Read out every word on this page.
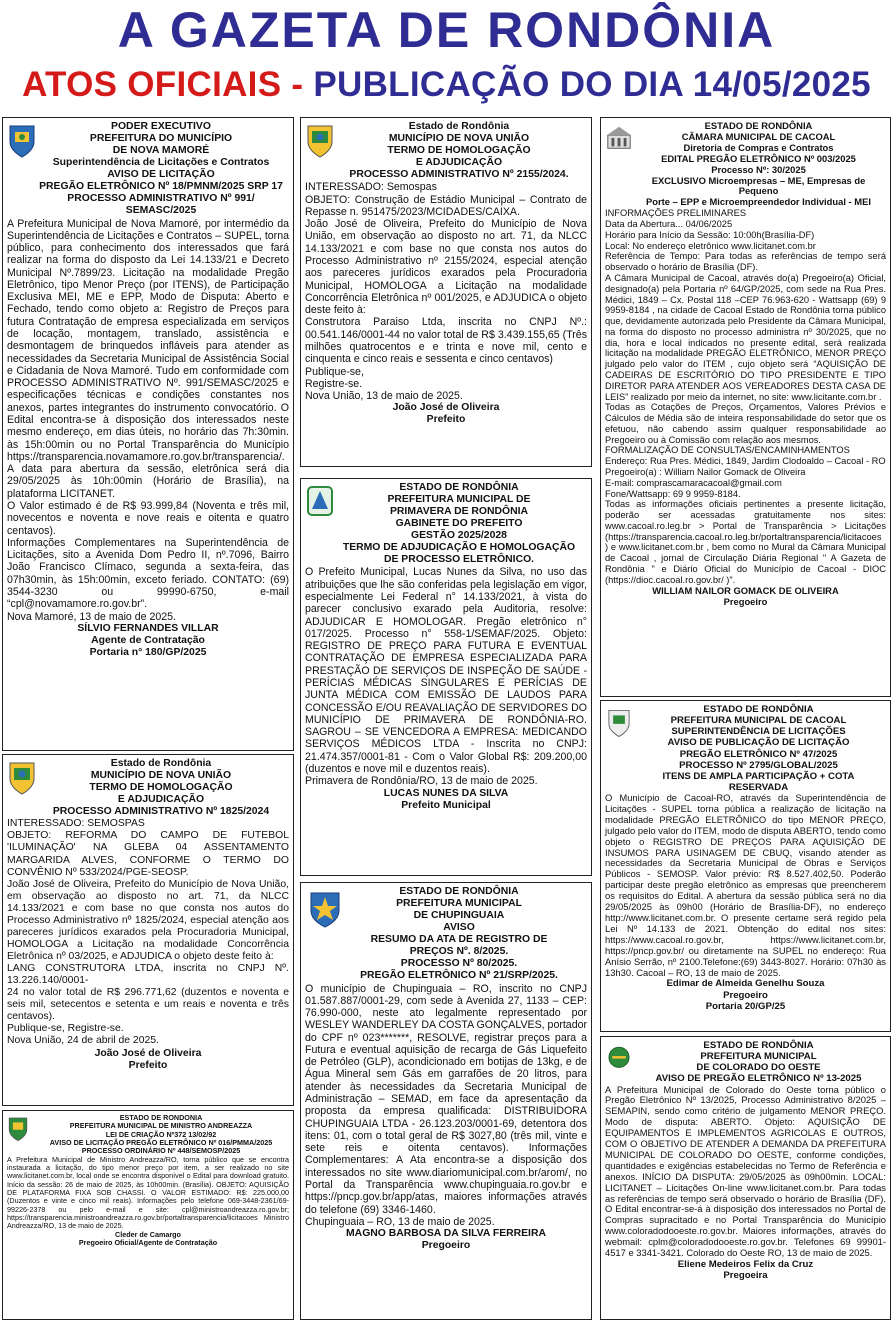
A GAZETA DE RONDÔNIA
ATOS OFICIAIS - PUBLICAÇÃO DO DIA 14/05/2025

PODER EXECUTIVO

PREFEITURA DO MUNICÍPIO

DE NOVA MAMORÉ

Superintendência de Licitações e Contratos

AVISO DE LICITAÇÃO

PREGÃO ELETRÔNICO Nº 18/PMNM/2025 SRP 17

PROCESSO ADMINISTRATIVO Nº 991/

SEMASC/2025

A Prefeitura Municipal de Nova Mamoré, por intermédio da Superintendência de Licitações e Contratos – SUPEL, torna público, para conhecimento dos interessados que fará realizar na forma do disposto da Lei 14.133/21 e Decreto Municipal Nº.7899/23. Licitação na modalidade Pregão Eletrônico, tipo Menor Preço (por ITENS), de Participação Exclusiva MEI, ME e EPP, Modo de Disputa: Aberto e Fechado, tendo como objeto a: Registro de Preços para futura Contratação de empresa especializada em serviços de locação, montagem, translado, assistência e desmontagem de brinquedos infláveis para atender as necessidades da Secretaria Municipal de Assistência Social e Cidadania de Nova Mamoré. Tudo em conformidade com PROCESSO ADMINISTRATIVO Nº. 991/SEMASC/2025 e especificações técnicas e condições constantes nos anexos, partes integrantes do instrumento convocatório. O Edital encontra-se à disposição dos interessados neste mesmo endereço, em dias úteis, no horário das 7h:30min. às 15h:00min ou no Portal Transparência do Município https://transparencia.novamamore.ro.gov.br/transparencia/. A data para abertura da sessão, eletrônica será dia 29/05/2025 às 10h:00min (Horário de Brasília), na plataforma LICITANET.

O Valor estimado é de R$ 93.999,84 (Noventa e três mil, novecentos e noventa e nove reais e oitenta e quatro centavos).

Informações Complementares na Superintendência de Licitações, sito a Avenida Dom Pedro II, nº.7096, Bairro João Francisco Clímaco, segunda a sexta-feira, das 07h30min, às 15h:00min, exceto feriado. CONTATO: (69) 3544-3230 ou 99990-6750, e-mail “cpl@novamamore.ro.gov.br”.

Nova Mamoré, 13 de maio de 2025.

SÍLVIO FERNANDES VILLAR

Agente de Contratação

Portaria n° 180/GP/2025

Estado de Rondônia

MUNICÍPIO DE NOVA UNIÃO

TERMO DE HOMOLOGAÇÃO

E ADJUDICAÇÃO

PROCESSO ADMINISTRATIVO Nº 1825/2024

INTERESSADO: SEMOSPAS

OBJETO: REFORMA DO CAMPO DE FUTEBOL 'ILUMINAÇÃO' NA GLEBA 04 ASSENTAMENTO MARGARIDA ALVES, CONFORME O TERMO DO CONVÊNIO Nº 533/2024/PGE-SEOSP.

João José de Oliveira, Prefeito do Município de Nova União, em observação ao disposto no art. 71, da NLCC 14.133/2021 e com base no que consta nos autos do Processo Administrativo nº 1825/2024, especial atenção aos pareceres jurídicos exarados pela Procuradoria Municipal, HOMOLOGA a Licitação na modalidade Concorrência Eletrônica nº 03/2025, e ADJUDICA o objeto deste feito à:

LANG CONSTRUTORA LTDA, inscrita no CNPJ Nº. 13.226.140/0001-

24 no valor total de R$ 296.771,62 (duzentos e noventa e seis mil, setecentos e setenta e um reais e noventa e três centavos).

Publique-se, Registre-se.

Nova União, 24 de abril de 2025.

João José de Oliveira

Prefeito

ESTADO DE RONDONIA

PREFEITURA MUNICIPAL DE MINISTRO ANDREAZZA

LEI DE CRIAÇÃO Nº372 13/02/92

AVISO DE LICITAÇÃO PREGÃO ELETRÔNICO Nº 016/PMMA/2025

PROCESSO ORDINÁRIO Nº 448/SEMOSP/2025

A Prefeitura Municipal de Ministro Andreazza/RO, torna público que se encontra instaurada a licitação, do tipo menor preço por item, a ser realizado no site www.licitanet.com.br, local onde se encontra disponível o Edital para download gratuito. Início da sessão: 26 de maio de 2025, às 10h00min. (Brasília). OBJETO: AQUISIÇÃO DE PLATAFORMA FIXA SOB CHASSI. O VALOR ESTIMADO: R$: 225.000,00 (Duzentos e vinte e cinco mil reais). Informações pelo telefone 069-3448-2361/69-99226-2378 ou pelo e-mail e site: cpl@ministroandreazza.ro.gov.br; https://transparencia.ministroandreazza.ro.gov.br/portaltransparencia/licitacoes Ministro Andreazza/RO, 13 de maio de 2025.

Cleder de Camargo

Pregoeiro Oficial/Agente de Contratação

Estado de Rondônia

MUNICÍPIO DE NOVA UNIÃO

TERMO DE HOMOLOGAÇÃO

E ADJUDICAÇÃO

PROCESSO ADMINISTRATIVO Nº 2155/2024.

INTERESSADO: Semospas

OBJETO: Construção de Estádio Municipal – Contrato de Repasse n. 951475/2023/MCIDADES/CAIXA.

João José de Oliveira, Prefeito do Município de Nova União, em observação ao disposto no art. 71, da NLCC 14.133/2021 e com base no que consta nos autos do Processo Administrativo nº 2155/2024, especial atenção aos pareceres jurídicos exarados pela Procuradoria Municipal, HOMOLOGA a Licitação na modalidade Concorrência Eletrônica nº 001/2025, e ADJUDICA o objeto deste feito à:

Construtora Paraiso Ltda, inscrita no CNPJ Nº.: 00.541.146/0001-44 no valor total de R$ 3.439.155,65 (Três milhões quatrocentos e e trinta e nove mil, cento e cinquenta e cinco reais e sessenta e cinco centavos)

Publique-se,

Registre-se.

Nova União, 13 de maio de 2025.

João José de Oliveira

Prefeito

ESTADO DE RONDÔNIA

PREFEITURA MUNICIPAL DE

PRIMAVERA DE RONDÔNIA

GABINETE DO PREFEITO

GESTÃO 2025/2028

TERMO DE ADJUDICAÇÃO E HOMOLOGAÇÃO

DE PROCESSO ELETRÔNICO.

O Prefeito Municipal, Lucas Nunes da Silva, no uso das atribuições que lhe são conferidas pela legislação em vigor, especialmente Lei Federal n° 14.133/2021, à vista do parecer conclusivo exarado pela Auditoria, resolve: ADJUDICAR E HOMOLOGAR. Pregão eletrônico n° 017/2025. Processo n° 558-1/SEMAF/2025. Objeto: REGISTRO DE PREÇO PARA FUTURA E EVENTUAL CONTRATAÇÃO DE EMPRESA ESPECIALIZADA PARA PRESTAÇÃO DE SERVIÇOS DE INSPEÇÃO DE SAÚDE - PERÍCIAS MÉDICAS SINGULARES E PERÍCIAS DE JUNTA MÉDICA COM EMISSÃO DE LAUDOS PARA CONCESSÃO E/OU REAVALIAÇÃO DE SERVIDORES DO MUNICÍPIO DE PRIMAVERA DE RONDÔNIA-RO. SAGROU – SE VENCEDORA A EMPRESA: MEDICANDO SERVIÇOS MÉDICOS LTDA - Inscrita no CNPJ: 21.474.357/0001-81 - Com o Valor Global R$: 209.200,00 (duzentos e nove mil e duzentos reais).

Primavera de Rondônia/RO, 13 de maio de 2025.

LUCAS NUNES DA SILVA

Prefeito Municipal

ESTADO DE RONDÔNIA

PREFEITURA MUNICIPAL

DE CHUPINGUAIA

AVISO

RESUMO DA ATA DE REGISTRO DE

PREÇOS Nº. 8/2025.

PROCESSO Nº 80/2025.

PREGÃO ELETRÔNICO Nº 21/SRP/2025.

O município de Chupinguaia – RO, inscrito no CNPJ 01.587.887/0001-29, com sede à Avenida 27, 1133 – CEP: 76.990-000, neste ato legalmente representado por WESLEY WANDERLEY DA COSTA GONÇALVES, portador do CPF nº 023*******, RESOLVE, registrar preços para a Futura e eventual aquisição de recarga de Gás Liquefeito de Petróleo (GLP), acondicionado em botijas de 13kg, e de Água Mineral sem Gás em garrafões de 20 litros, para atender às necessidades da Secretaria Municipal de Administração – SEMAD, em face da apresentação da proposta da empresa qualificada: DISTRIBUIDORA CHUPINGUAIA LTDA - 26.123.203/0001-69, detentora dos itens: 01, com o total geral de R$ 3027,80 (três mil, vinte e sete reis e oitenta centavos). Informações Complementares: A Ata encontra-se a disposição dos interessados no site www.diariomunicipal.com.br/arom/, no Portal da Transparência www.chupinguaia.ro.gov.br e https://pncp.gov.br/app/atas, maiores informações através do telefone (69) 3346-1460.

Chupinguaia – RO, 13 de maio de 2025.

MAGNO BARBOSA DA SILVA FERREIRA

Pregoeiro

ESTADO DE RONDÔNIA

CÂMARA MUNICIPAL DE CACOAL

Diretoria de Compras e Contratos

EDITAL PREGÃO ELETRÔNICO Nº 003/2025

Processo Nº: 30/2025

EXCLUSIVO Microempresas – ME, Empresas de Pequeno

Porte – EPP e Microempreendedor Individual - MEI

INFORMAÇÕES PRELIMINARES

Data da Abertura... 04/06/2025

Horário para Início da Sessão: 10:00h(Brasília-DF)

Local: No endereço eletrônico www.licitanet.com.br

Referência de Tempo: Para todas as referências de tempo será observado o horário de Brasília (DF).

A Câmara Municipal de Cacoal, através do(a) Pregoeiro(a) Oficial, designado(a) pela Portaria nº 64/GP/2025, com sede na Rua Pres. Médici, 1849 – Cx. Postal 118 –CEP 76.963-620 - Wattsapp (69) 9 9959-8184 , na cidade de Cacoal Estado de Rondônia torna público que, devidamente autorizada pelo Presidente da Câmara Municipal, na forma do disposto no processo administra nº 30/2025, que no dia, hora e local indicados no presente edital, será realizada licitação na modalidade PREGÃO ELETRÔNICO, MENOR PREÇO julgado pelo valor do ITEM , cujo objeto será “AQUISIÇÃO DE CADEIRAS DE ESCRITÓRIO DO TIPO PRESIDENTE E TIPO DIRETOR PARA ATENDER AOS VEREADORES DESTA CASA DE LEIS” realizado por meio da internet, no site: www.licitante.com.br .

Todas as Cotações de Preços, Orçamentos, Valores Prévios e Cálculos de Média são de inteira responsabilidade do setor que os efetuou, não cabendo assim qualquer responsabilidade ao Pregoeiro ou à Comissão com relação aos mesmos.

FORMALIZAÇÃO DE CONSULTAS/ENCAMINHAMENTOS

Endereço: Rua Pres. Médici, 1849, Jardim Clodoaldo – Cacoal - RO

Pregoeiro(a) : William Nailor Gomack de Oliveira

E-mail: comprascamaracacoal@gmail.com

Fone/Wattsapp: 69 9 9959-8184.

Todas as informações oficiais pertinentes a presente licitação, poderão ser acessadas gratuitamente nos sites: www.cacoal.ro.leg.br > Portal de Transparência > Licitações (https://transparencia.cacoal.ro.leg.br/portaltransparencia/licitacoes ) e www.licitanet.com.br , bem como no Mural da Câmara Municipal de Cacoal , jornal de Circulação Diária Regional " A Gazeta de Rondônia " e Diário Oficial do Município de Cacoal - DIOC (https://dioc.cacoal.ro.gov.br/ )".

WILLIAM NAILOR GOMACK DE OLIVEIRA

Pregoeiro

ESTADO DE RONDÔNIA

PREFEITURA MUNICIPAL DE CACOAL

SUPERINTENDÊNCIA DE LICITAÇÕES

AVISO DE PUBLICAÇÃO DE LICITAÇÃO

PREGÃO ELETRÔNICO Nº 47/2025

PROCESSO Nº 2795/GLOBAL/2025

ITENS DE AMPLA PARTICIPAÇÃO + COTA RESERVADA

O Município de Cacoal-RO, através da Superintendência de Licitações - SUPEL torna pública a realização de licitação na modalidade PREGÃO ELETRÔNICO do tipo MENOR PREÇO, julgado pelo valor do ITEM, modo de disputa ABERTO, tendo como objeto o REGISTRO DE PREÇOS PARA AQUISIÇÃO DE INSUMOS PARA USINAGEM DE CBUQ, visando atender as necessidades da Secretaria Municipal de Obras e Serviços Públicos - SEMOSP. Valor prévio: R$ 8.527.402,50. Poderão participar deste pregão eletrônico as empresas que preencherem os requisitos do Edital. A abertura da sessão pública será no dia 29/05/2025 às 09h00 (Horário de Brasília-DF), no endereço http://www.licitanet.com.br. O presente certame será regido pela Lei Nº 14.133 de 2021. Obtenção do edital nos sites: https://www.cacoal.ro.gov.br, https://www.licitanet.com.br, https://pncp.gov.br/ ou diretamente na SUPEL no endereço: Rua Anísio Serrão, nº 2100.Telefone:(69) 3443-8027. Horário: 07h30 às 13h30. Cacoal – RO, 13 de maio de 2025.

Edimar de Almeida Genelhu Souza

Pregoeiro

Portaria 20/GP/25

ESTADO DE RONDÔNIA

PREFEITURA MUNICIPAL

DE COLORADO DO OESTE

AVISO DE PREGÃO ELETRÔNICO Nº 13-2025

A Prefeitura Municipal de Colorado do Oeste torna público o Pregão Eletrônico Nº 13/2025, Processo Administrativo 8/2025 – SEMAPIN, sendo como critério de julgamento MENOR PREÇO. Modo de disputa: ABERTO. Objeto: AQUISIÇÃO DE EQUIPAMENTOS E IMPLEMENTOS AGRICOLAS E OUTROS, COM O OBJETIVO DE ATENDER A DEMANDA DA PREFEITURA MUNICIPAL DE COLORADO DO OESTE, conforme condições, quantidades e exigências estabelecidas no Termo de Referência e anexos. INÍCIO DA DISPUTA: 29/05/2025 às 09h00min. LOCAL: LICITANET – Licitações On-line www.licitanet.com.br. Para todas as referências de tempo será observado o horário de Brasília (DF). O Edital encontrar-se-á à disposição dos interessados no Portal de Compras supracitado e no Portal Transparência do Município www.coloradodooeste.ro.gov.br. Maiores informações, através do webmail: cplm@coloradodooeste.ro.gov.br. Telefones 69 99901-4517 e 3341-3421. Colorado do Oeste RO, 13 de maio de 2025.

Eliene Medeiros Felix da Cruz

Pregoeira
